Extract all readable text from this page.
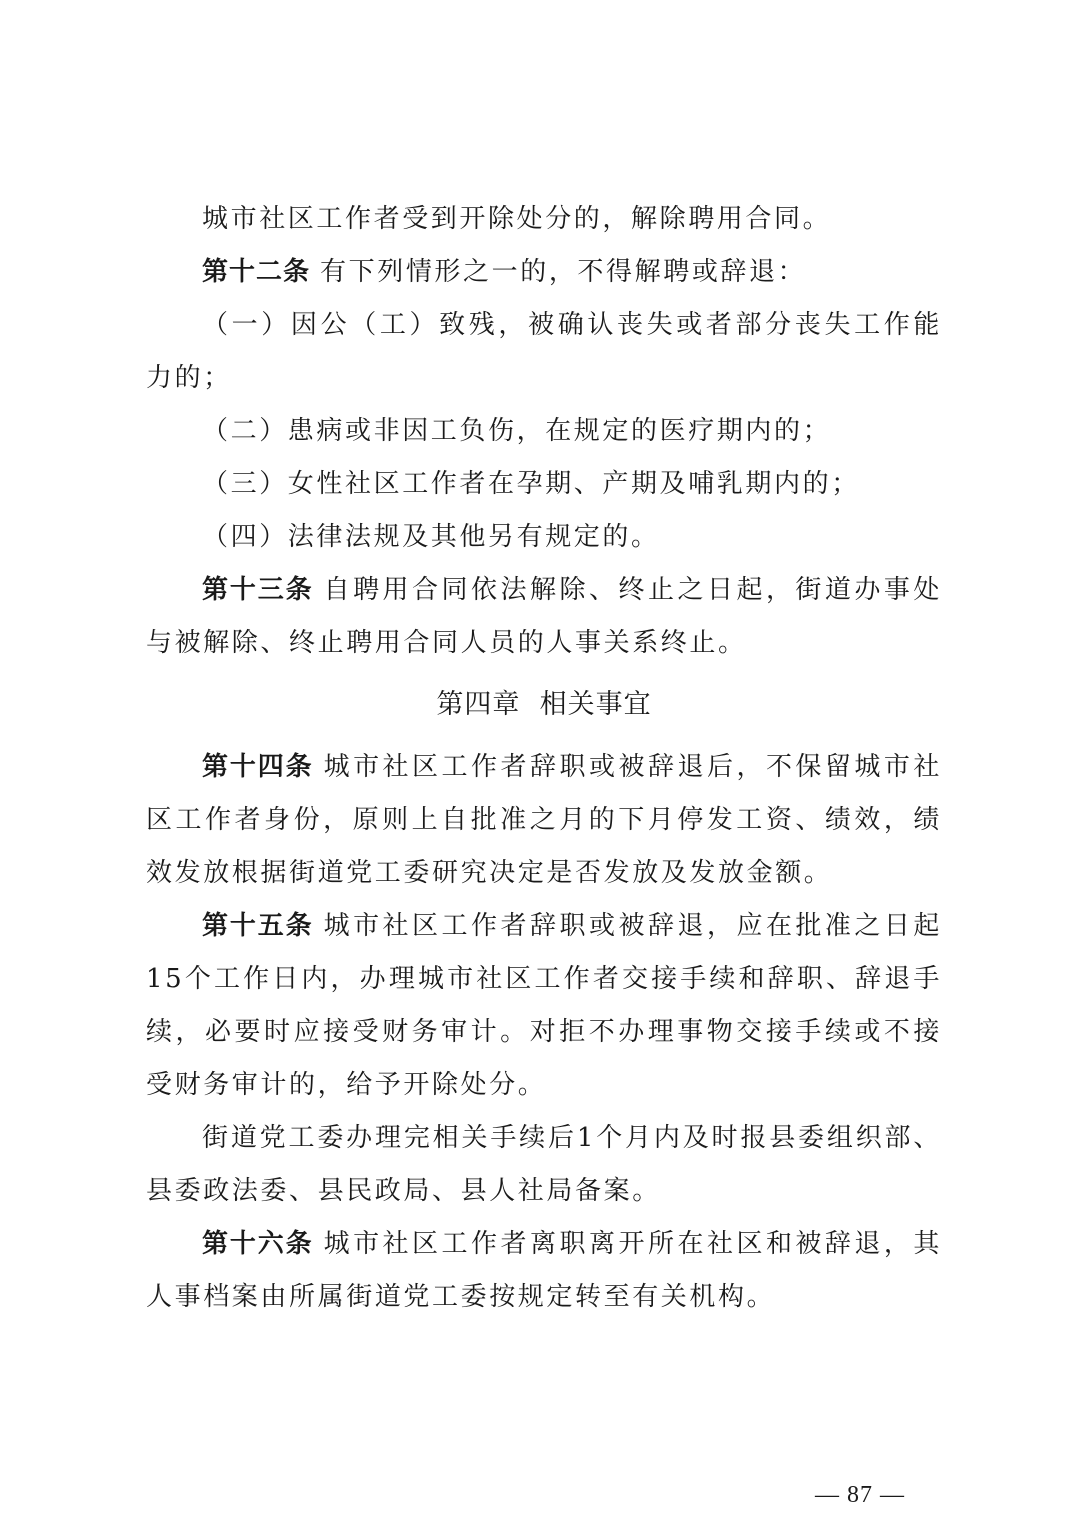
城市社区工作者受到开除处分的，解除聘用合同。

第十二条 有下列情形之一的，不得解聘或辞退：

（一）因公（工）致残，被确认丧失或者部分丧失工作能力的；

（二）患病或非因工负伤，在规定的医疗期内的；

（三）女性社区工作者在孕期、产期及哺乳期内的；

（四）法律法规及其他另有规定的。

第十三条 自聘用合同依法解除、终止之日起，街道办事处与被解除、终止聘用合同人员的人事关系终止。

第四章  相关事宜

第十四条 城市社区工作者辞职或被辞退后，不保留城市社区工作者身份，原则上自批准之月的下月停发工资、绩效，绩效发放根据街道党工委研究决定是否发放及发放金额。

第十五条 城市社区工作者辞职或被辞退，应在批准之日起15个工作日内，办理城市社区工作者交接手续和辞职、辞退手续，必要时应接受财务审计。对拒不办理事物交接手续或不接受财务审计的，给予开除处分。

街道党工委办理完相关手续后1个月内及时报县委组织部、县委政法委、县民政局、县人社局备案。

第十六条 城市社区工作者离职离开所在社区和被辞退，其人事档案由所属街道党工委按规定转至有关机构。

— 87 —
